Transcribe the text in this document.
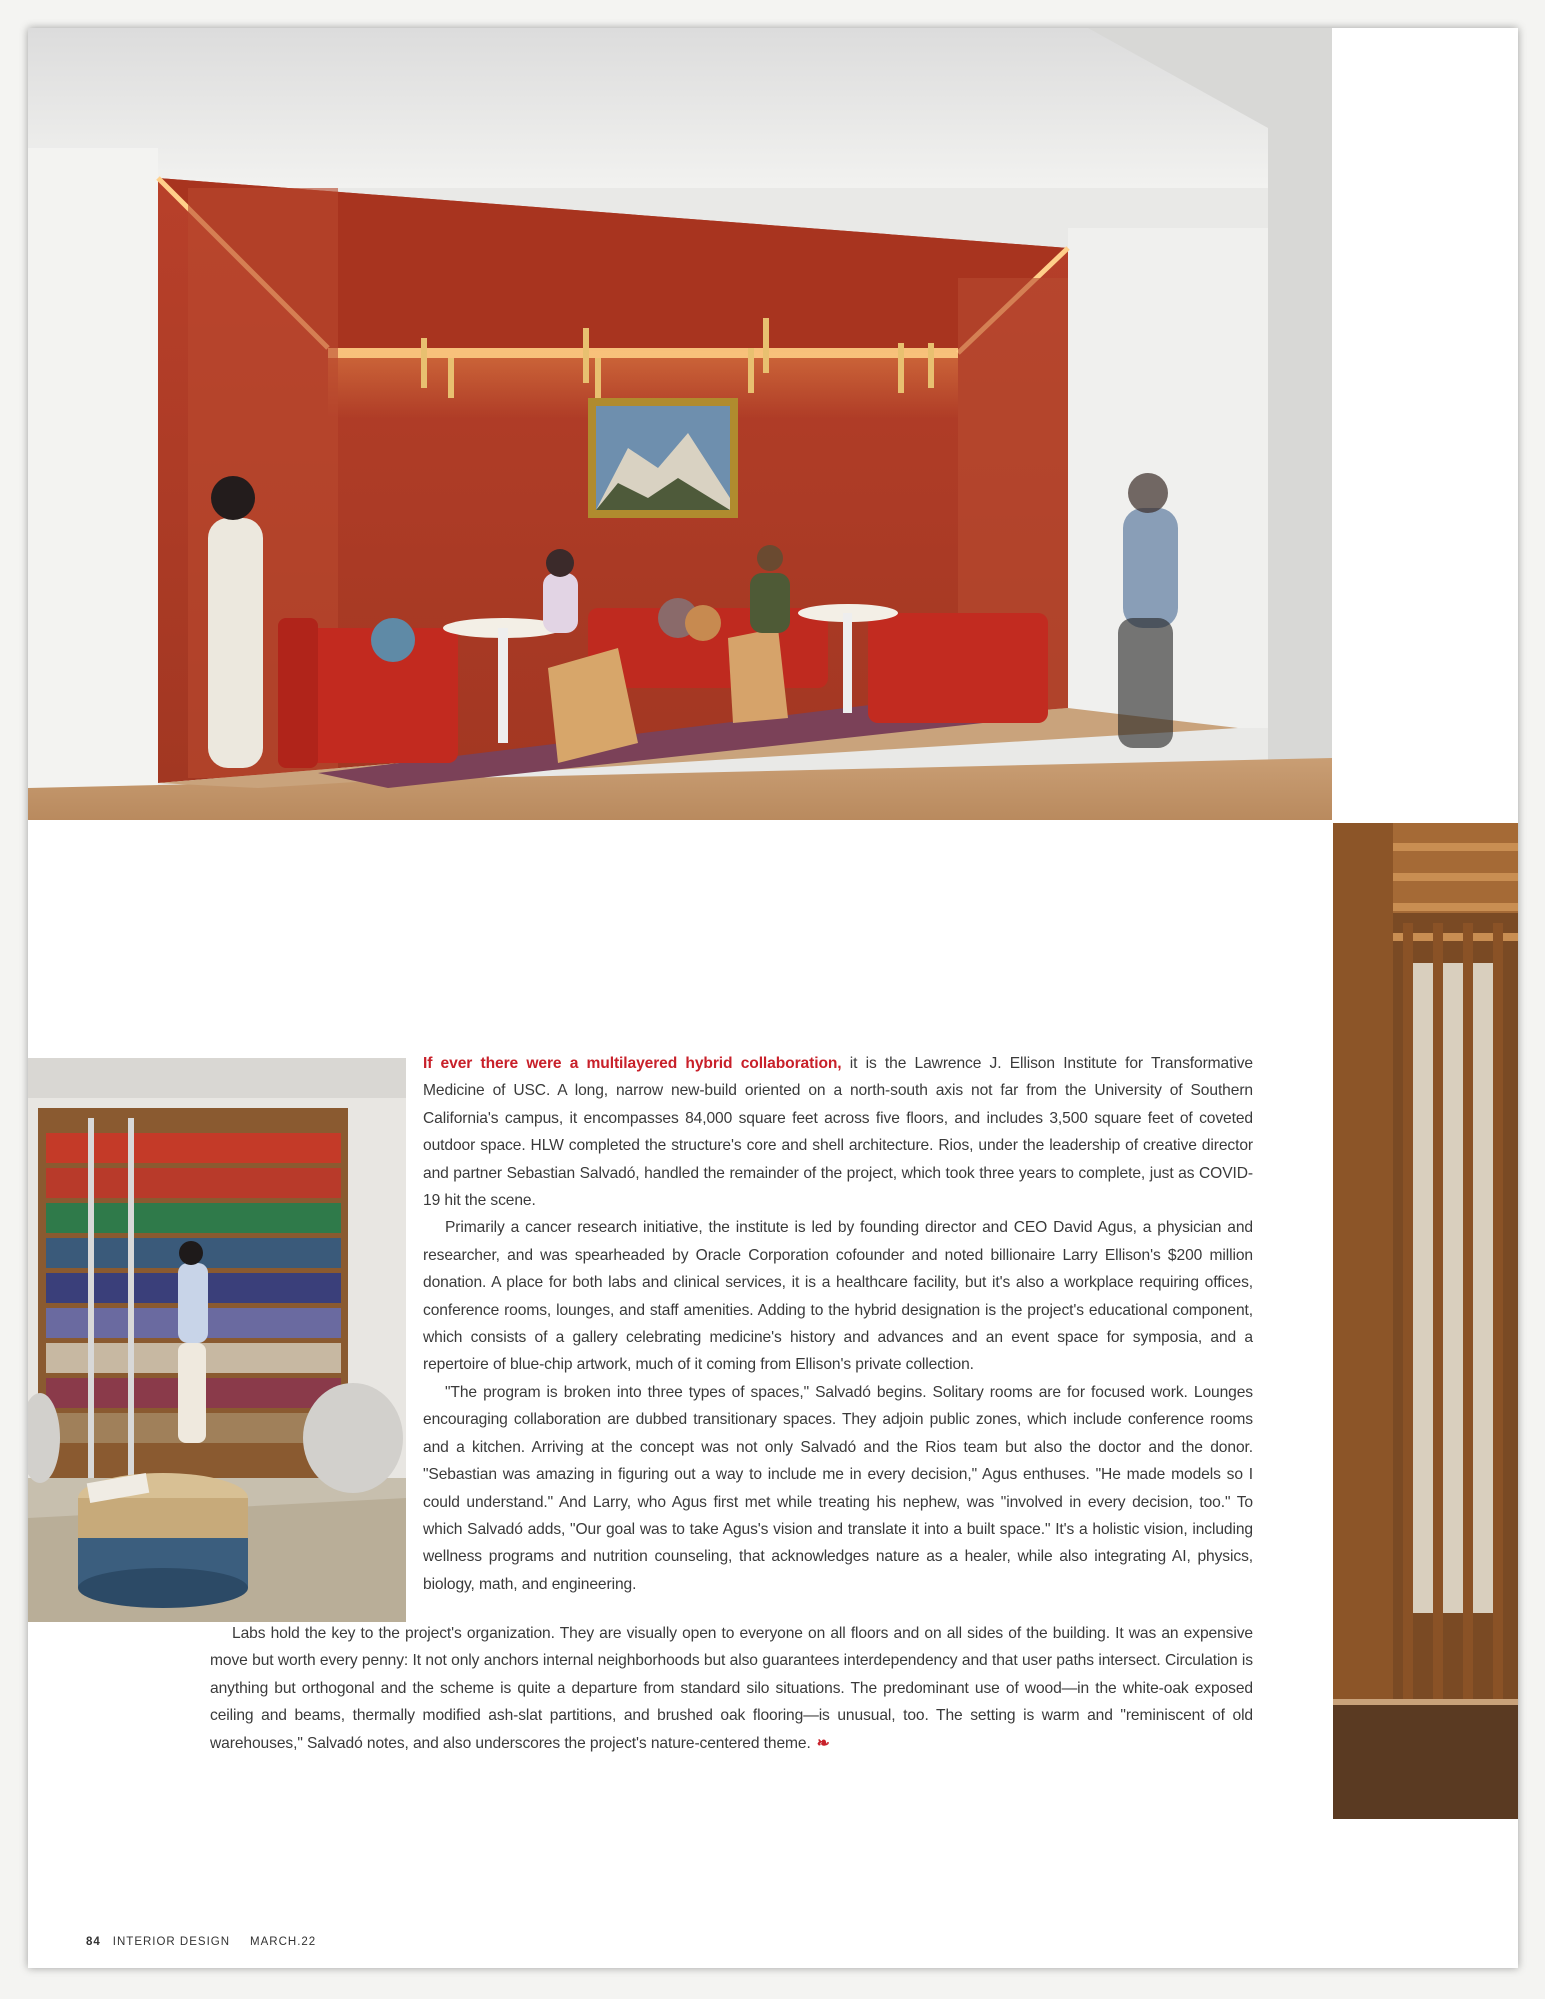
If ever there were a multilayered hybrid collaboration, it is the Lawrence J. Ellison Institute for Transformative Medicine of USC. A long, narrow new-build oriented on a north-south axis not far from the University of Southern California's campus, it encompasses 84,000 square feet across five floors, and includes 3,500 square feet of coveted outdoor space. HLW completed the structure's core and shell architecture. Rios, under the leadership of creative director and partner Sebastian Salvadó, handled the remainder of the project, which took three years to complete, just as COVID-19 hit the scene.

Primarily a cancer research initiative, the institute is led by founding director and CEO David Agus, a physician and researcher, and was spearheaded by Oracle Corporation cofounder and noted billionaire Larry Ellison's $200 million donation. A place for both labs and clinical services, it is a healthcare facility, but it's also a workplace requiring offices, conference rooms, lounges, and staff amenities. Adding to the hybrid designation is the project's educational component, which consists of a gallery celebrating medicine's history and advances and an event space for symposia, and a repertoire of blue-chip artwork, much of it coming from Ellison's private collection.

"The program is broken into three types of spaces," Salvadó begins. Solitary rooms are for focused work. Lounges encouraging collaboration are dubbed transitionary spaces. They adjoin public zones, which include conference rooms and a kitchen. Arriving at the concept was not only Salvadó and the Rios team but also the doctor and the donor. "Sebastian was amazing in figuring out a way to include me in every decision," Agus enthuses. "He made models so I could understand." And Larry, who Agus first met while treating his nephew, was "involved in every decision, too." To which Salvadó adds, "Our goal was to take Agus's vision and translate it into a built space." It's a holistic vision, including wellness programs and nutrition counseling, that acknowledges nature as a healer, while also integrating AI, physics, biology, math, and engineering.

Labs hold the key to the project's organization. They are visually open to everyone on all floors and on all sides of the building. It was an expensive move but worth every penny: It not only anchors internal neighborhoods but also guarantees interdependency and that user paths intersect. Circulation is anything but orthogonal and the scheme is quite a departure from standard silo situations. The predominant use of wood—in the white-oak exposed ceiling and beams, thermally modified ash-slat partitions, and brushed oak flooring—is unusual, too. The setting is warm and "reminiscent of old warehouses," Salvadó notes, and also underscores the project's nature-centered theme. ❧

84 INTERIOR DESIGN MARCH.22
